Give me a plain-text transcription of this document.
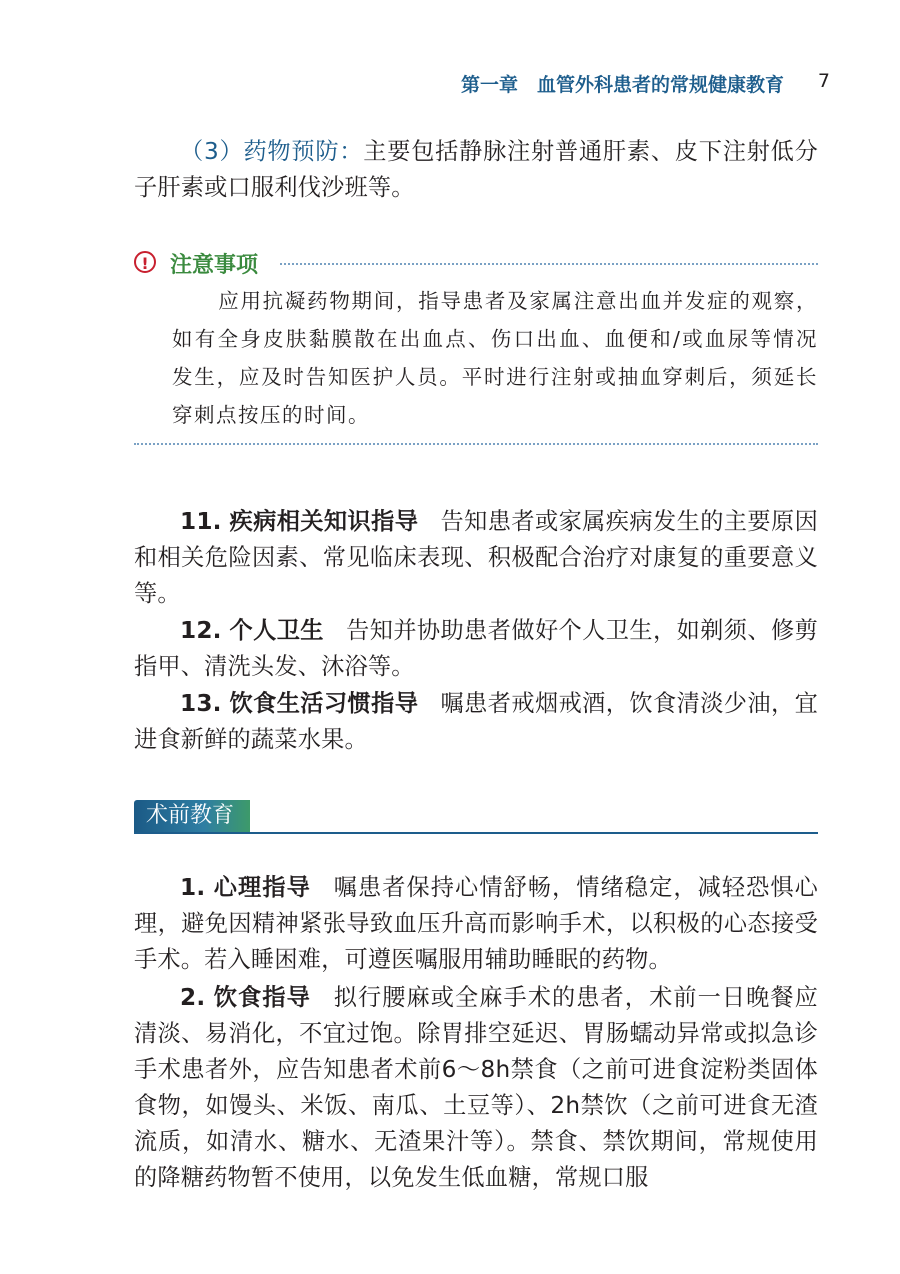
第一章　血管外科患者的常规健康教育 7
（3）药物预防：主要包括静脉注射普通肝素、皮下注射低分子肝素或口服利伐沙班等。
! 注意事项
应用抗凝药物期间，指导患者及家属注意出血并发症的观察，如有全身皮肤黏膜散在出血点、伤口出血、血便和/或血尿等情况发生，应及时告知医护人员。平时进行注射或抽血穿刺后，须延长穿刺点按压的时间。
11. 疾病相关知识指导 告知患者或家属疾病发生的主要原因和相关危险因素、常见临床表现、积极配合治疗对康复的重要意义等。
12. 个人卫生 告知并协助患者做好个人卫生，如剃须、修剪指甲、清洗头发、沐浴等。
13. 饮食生活习惯指导 嘱患者戒烟戒酒，饮食清淡少油，宜进食新鲜的蔬菜水果。
术前教育
1. 心理指导 嘱患者保持心情舒畅，情绪稳定，减轻恐惧心理，避免因精神紧张导致血压升高而影响手术，以积极的心态接受手术。若入睡困难，可遵医嘱服用辅助睡眠的药物。
2. 饮食指导 拟行腰麻或全麻手术的患者，术前一日晚餐应清淡、易消化，不宜过饱。除胃排空延迟、胃肠蠕动异常或拟急诊手术患者外，应告知患者术前6～8h禁食（之前可进食淀粉类固体食物，如馒头、米饭、南瓜、土豆等）、2h禁饮（之前可进食无渣流质，如清水、糖水、无渣果汁等）。禁食、禁饮期间，常规使用的降糖药物暂不使用，以免发生低血糖，常规口服
